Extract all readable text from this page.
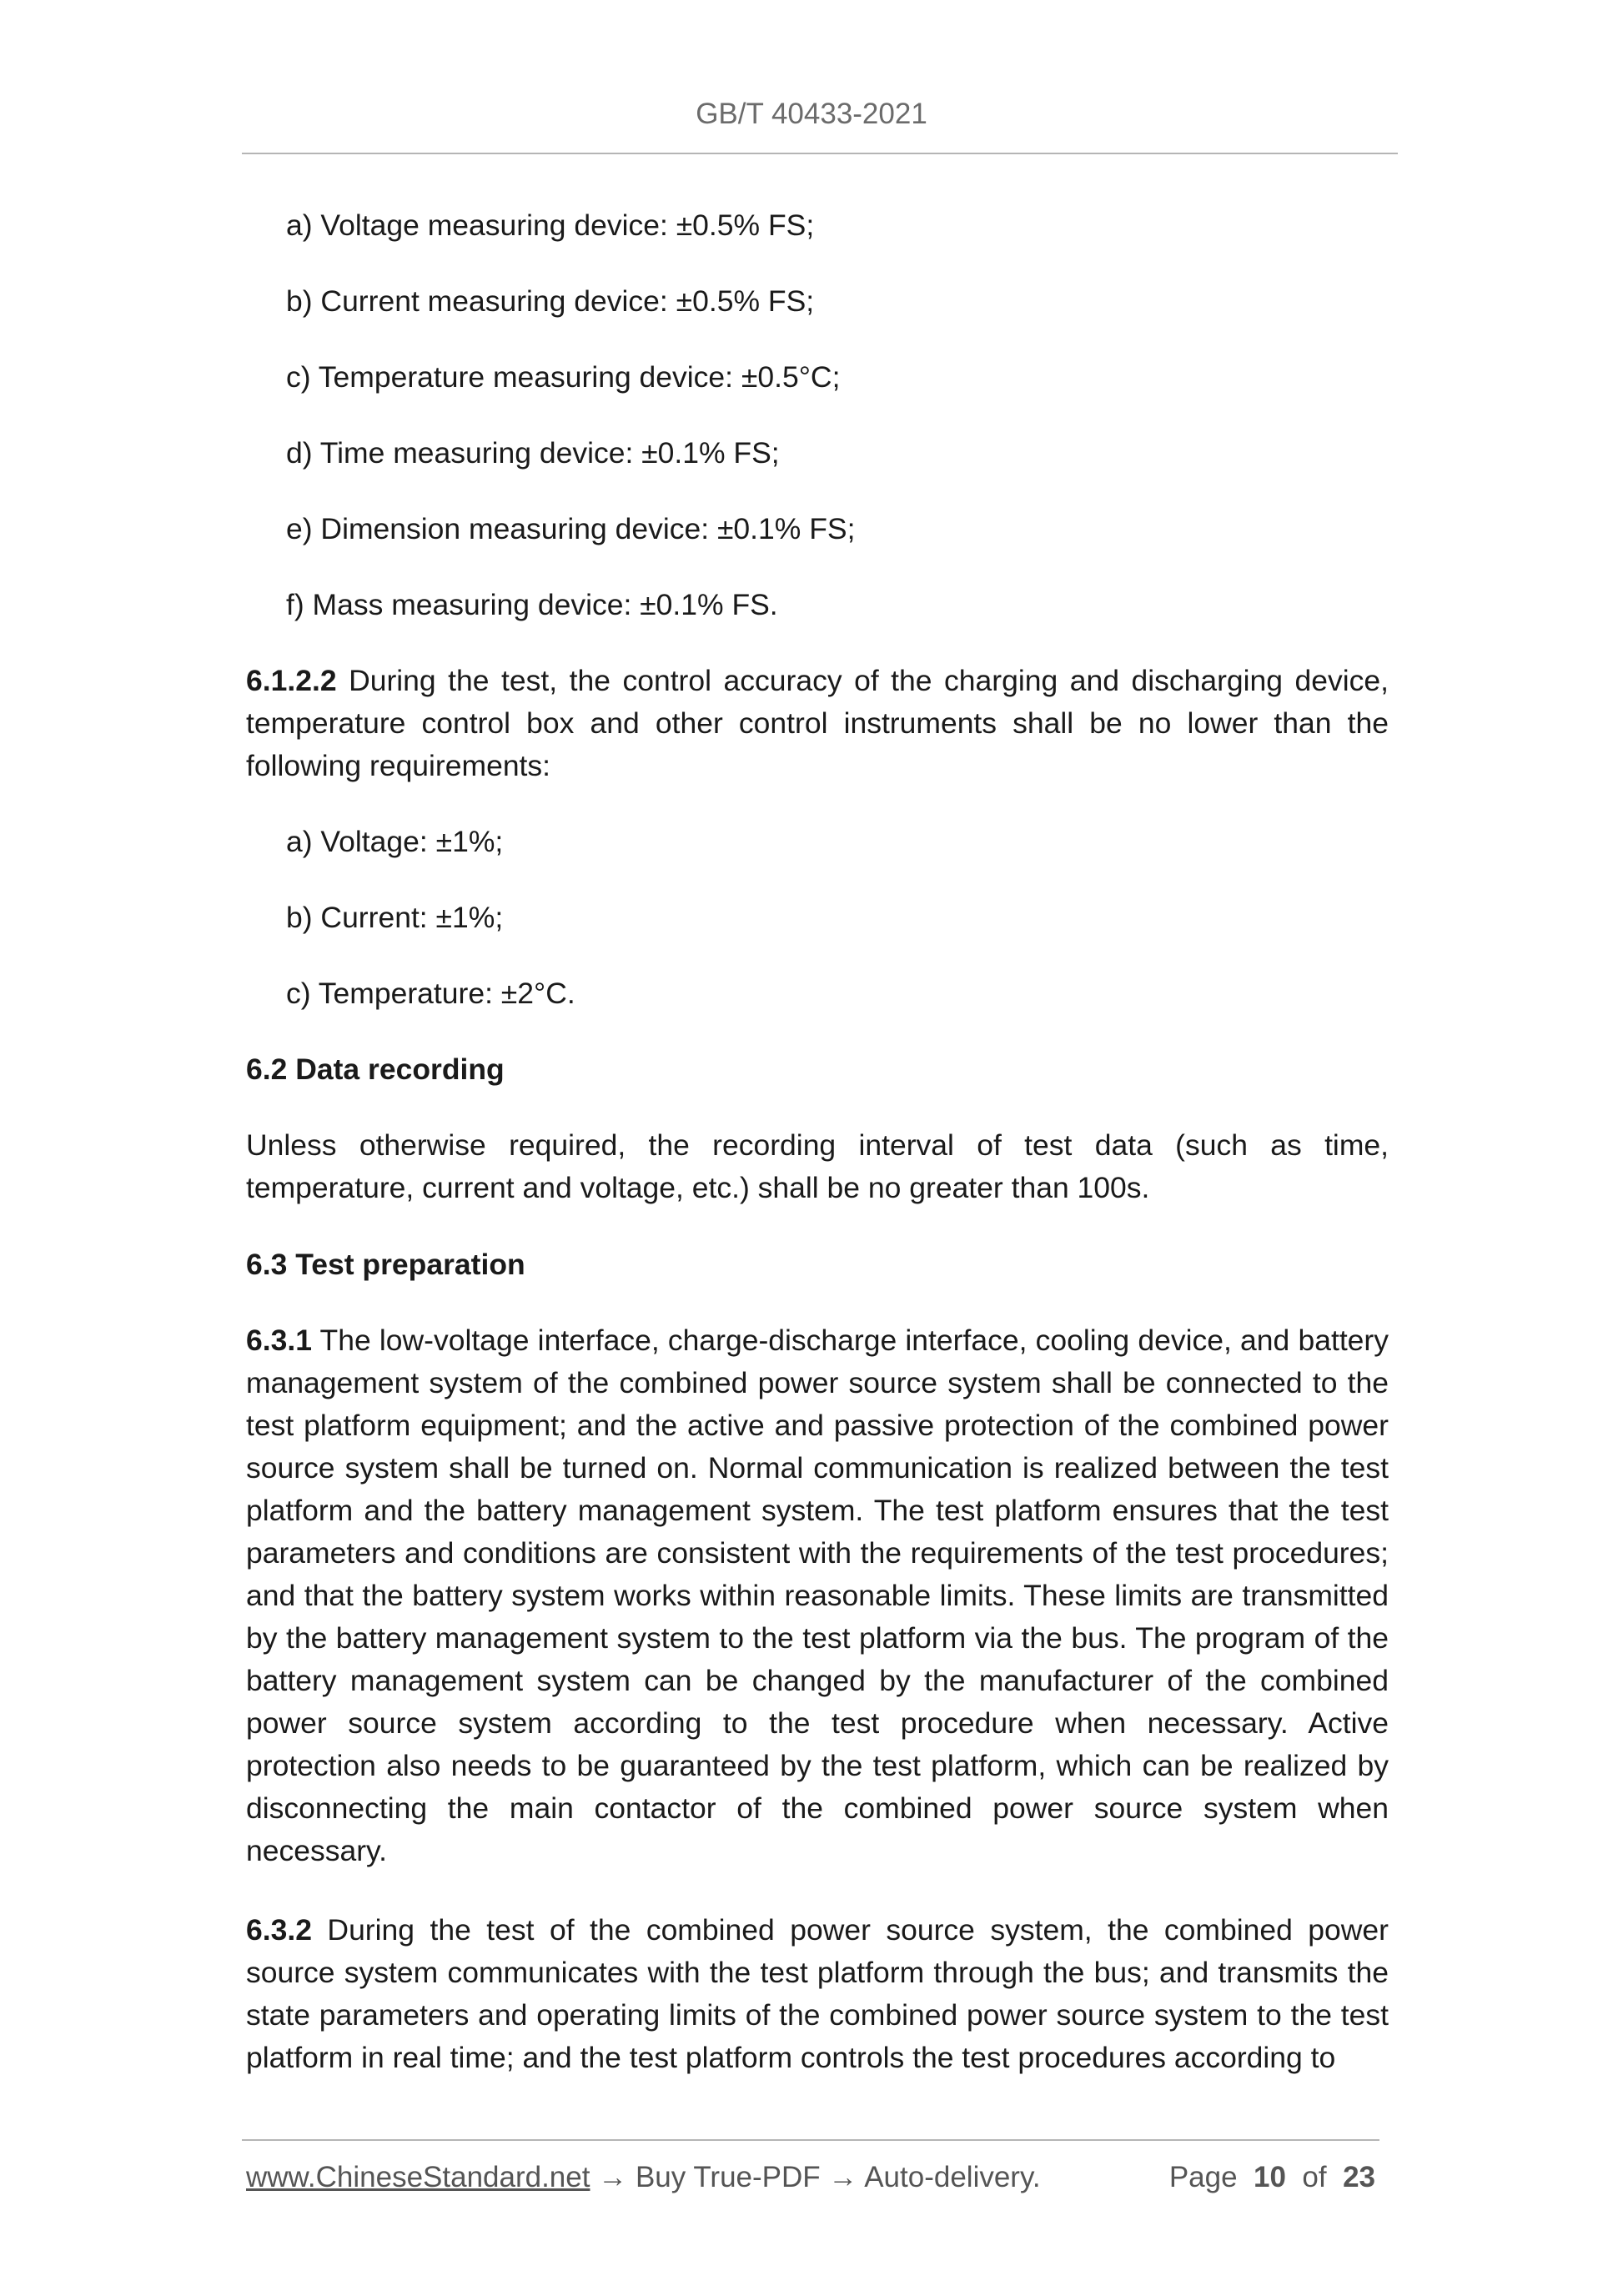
GB/T 40433-2021
a) Voltage measuring device: ±0.5% FS;
b) Current measuring device: ±0.5% FS;
c) Temperature measuring device: ±0.5°C;
d) Time measuring device: ±0.1% FS;
e) Dimension measuring device: ±0.1% FS;
f) Mass measuring device: ±0.1% FS.
6.1.2.2 During the test, the control accuracy of the charging and discharging device, temperature control box and other control instruments shall be no lower than the following requirements:
a) Voltage: ±1%;
b) Current: ±1%;
c) Temperature: ±2°C.
6.2 Data recording
Unless otherwise required, the recording interval of test data (such as time, temperature, current and voltage, etc.) shall be no greater than 100s.
6.3 Test preparation
6.3.1 The low-voltage interface, charge-discharge interface, cooling device, and battery management system of the combined power source system shall be connected to the test platform equipment; and the active and passive protection of the combined power source system shall be turned on. Normal communication is realized between the test platform and the battery management system. The test platform ensures that the test parameters and conditions are consistent with the requirements of the test procedures; and that the battery system works within reasonable limits. These limits are transmitted by the battery management system to the test platform via the bus. The program of the battery management system can be changed by the manufacturer of the combined power source system according to the test procedure when necessary. Active protection also needs to be guaranteed by the test platform, which can be realized by disconnecting the main contactor of the combined power source system when necessary.
6.3.2 During the test of the combined power source system, the combined power source system communicates with the test platform through the bus; and transmits the state parameters and operating limits of the combined power source system to the test platform in real time; and the test platform controls the test procedures according to
www.ChineseStandard.net → Buy True-PDF → Auto-delivery.	Page 10 of 23
